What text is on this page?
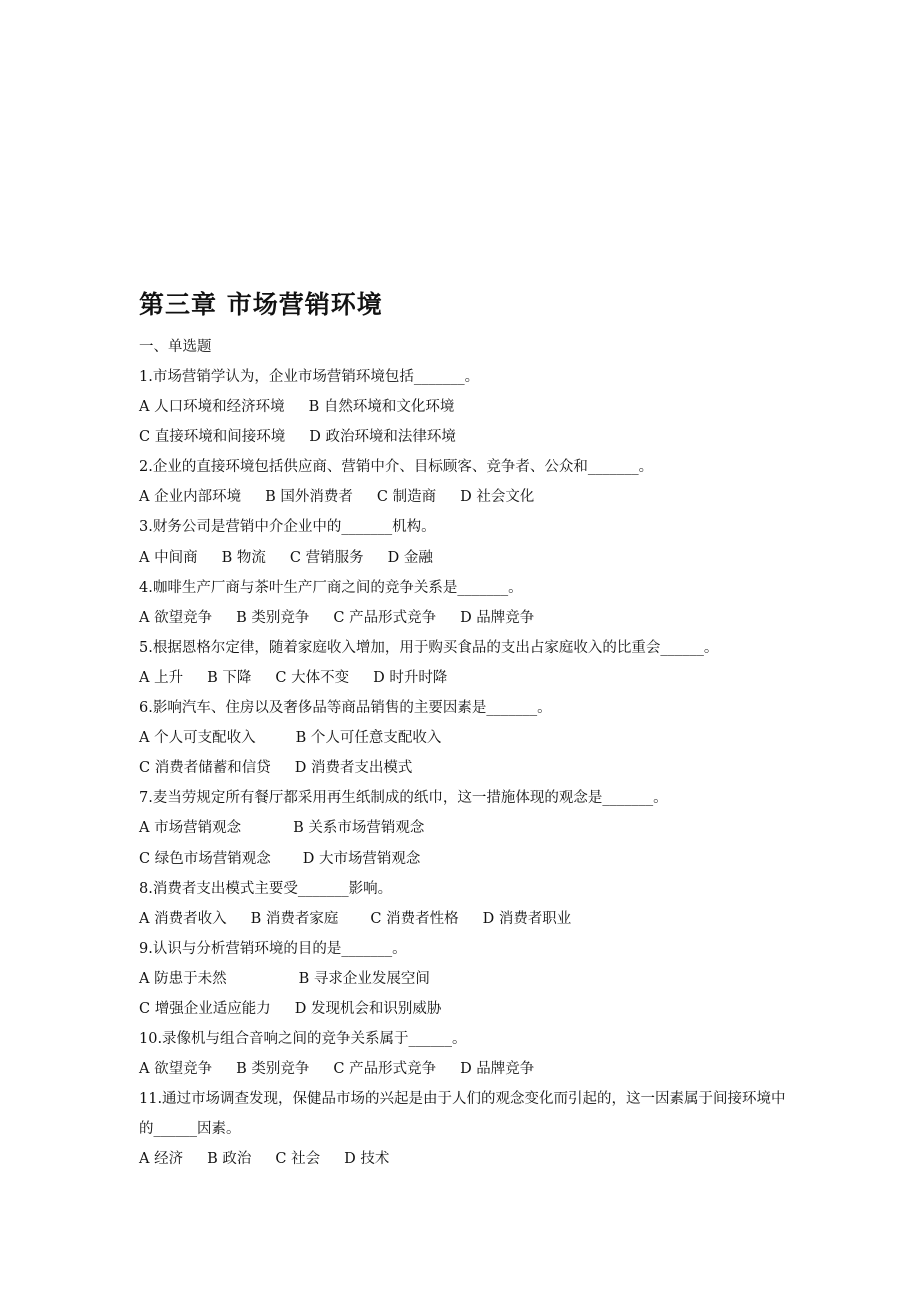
第三章 市场营销环境

一、单选题

1.市场营销学认为，企业市场营销环境包括_______。

A 人口环境和经济环境 B 自然环境和文化环境
C 直接环境和间接环境 D 政治环境和法律环境

2.企业的直接环境包括供应商、营销中介、目标顾客、竞争者、公众和_______。

A 企业内部环境 B 国外消费者 C 制造商 D 社会文化

3.财务公司是营销中介企业中的_______机构。

A 中间商 B 物流 C 营销服务 D 金融

4.咖啡生产厂商与茶叶生产厂商之间的竞争关系是_______。

A 欲望竞争 B 类别竞争 C 产品形式竞争 D 品牌竞争

5.根据恩格尔定律，随着家庭收入增加，用于购买食品的支出占家庭收入的比重会______。

A 上升 B 下降 C 大体不变 D 时升时降

6.影响汽车、住房以及奢侈品等商品销售的主要因素是_______。

A 个人可支配收入	B 个人可任意支配收入
C 消费者储蓄和信贷 D 消费者支出模式

7.麦当劳规定所有餐厅都采用再生纸制成的纸巾，这一措施体现的观念是_______。

A 市场营销观念	B 关系市场营销观念
C 绿色市场营销观念 D 大市场营销观念

8.消费者支出模式主要受_______影响。

A 消费者收入 B 消费者家庭 C 消费者性格 D 消费者职业

9.认识与分析营销环境的目的是_______。

A 防患于未然	B 寻求企业发展空间
C 增强企业适应能力 D 发现机会和识别威胁

10.录像机与组合音响之间的竞争关系属于______。

A 欲望竞争 B 类别竞争 C 产品形式竞争 D 品牌竞争

11.通过市场调查发现，保健品市场的兴起是由于人们的观念变化而引起的，这一因素属于间接环境中的______因素。

A 经济 B 政治 C 社会 D 技术
